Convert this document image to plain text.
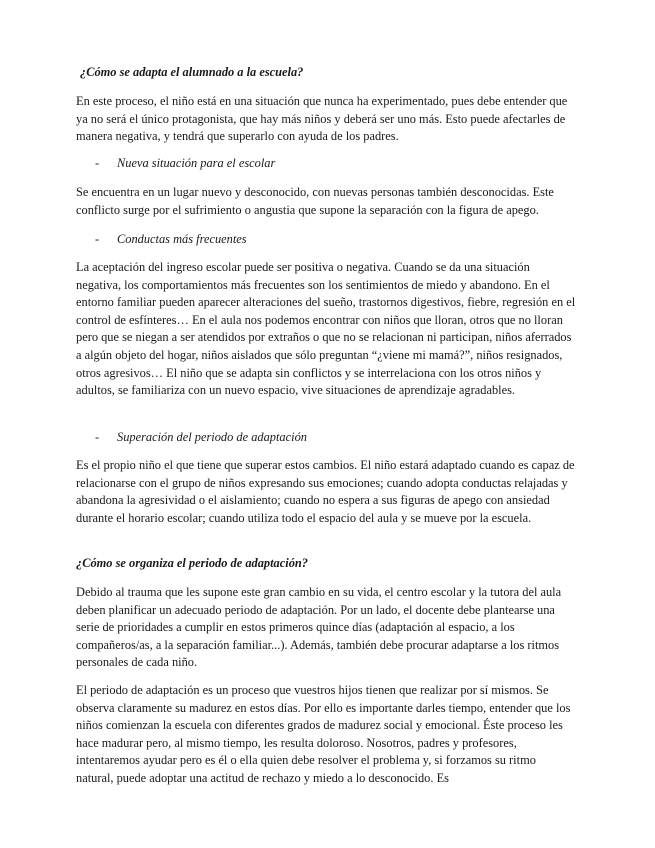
¿Cómo se adapta el alumnado a la escuela?

En este proceso, el niño está en una situación que nunca ha experimentado, pues debe entender que ya no será el único protagonista, que hay más niños y deberá ser uno más. Esto puede afectarles de manera negativa, y tendrá que superarlo con ayuda de los padres.

- Nueva situación para el escolar

Se encuentra en un lugar nuevo y desconocido, con nuevas personas también desconocidas. Este conflicto surge por el sufrimiento o angustia que supone la separación con la figura de apego.

- Conductas más frecuentes

La aceptación del ingreso escolar puede ser positiva o negativa. Cuando se da una situación negativa, los comportamientos más frecuentes son los sentimientos de miedo y abandono. En el entorno familiar pueden aparecer alteraciones del sueño, trastornos digestivos, fiebre, regresión en el control de esfínteres… En el aula nos podemos encontrar con niños que lloran, otros que no lloran pero que se niegan a ser atendidos por extraños o que no se relacionan ni participan, niños aferrados a algún objeto del hogar, niños aislados que sólo preguntan “¿viene mi mamá?”, niños resignados, otros agresivos… El niño que se adapta sin conflictos y se interrelaciona con los otros niños y adultos, se familiariza con un nuevo espacio, vive situaciones de aprendizaje agradables.

- Superación del periodo de adaptación

Es el propio niño el que tiene que superar estos cambios. El niño estará adaptado cuando es capaz de relacionarse con el grupo de niños expresando sus emociones; cuando adopta conductas relajadas y abandona la agresividad o el aislamiento; cuando no espera a sus figuras de apego con ansiedad durante el horario escolar; cuando utiliza todo el espacio del aula y se mueve por la escuela.

¿Cómo se organiza el periodo de adaptación?

Debido al trauma que les supone este gran cambio en su vida, el centro escolar y la tutora del aula deben planificar un adecuado periodo de adaptación. Por un lado, el docente debe plantearse una serie de prioridades a cumplir en estos primeros quince días (adaptación al espacio, a los compañeros/as, a la separación familiar...). Además, también debe procurar adaptarse a los ritmos personales de cada niño.

El periodo de adaptación es un proceso que vuestros hijos tienen que realizar por sí mismos. Se observa claramente su madurez en estos días. Por ello es importante darles tiempo, entender que los niños comienzan la escuela con diferentes grados de madurez social y emocional. Éste proceso les hace madurar pero, al mismo tiempo, les resulta doloroso. Nosotros, padres y profesores, intentaremos ayudar pero es él o ella quien debe resolver el problema y, si forzamos su ritmo natural, puede adoptar una actitud de rechazo y miedo a lo desconocido. Es
